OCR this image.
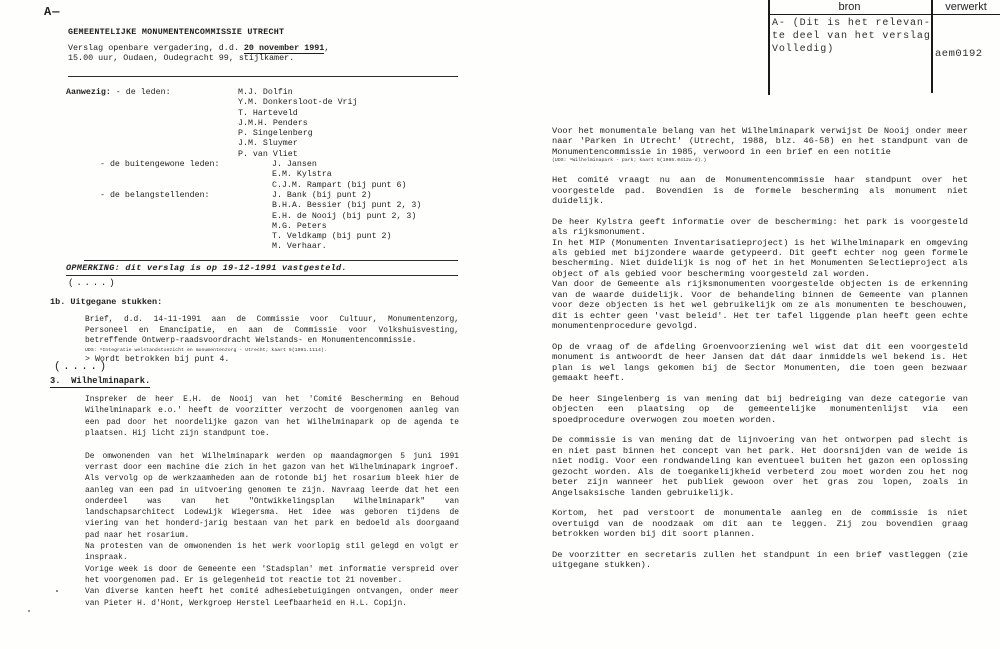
A—
GEMEENTELIJKE MONUMENTENCOMMISSIE UTRECHT
Verslag openbare vergadering, d.d. 20 november 1991,
15.00 uur, Oudaen, Oudegracht 99, stijlkamer.
Aanwezig: - de leden:	M.J. Dolfin
Y.M. Donkersloot-de Vrij
T. Harteveld
J.M.H. Penders
P. Singelenberg
J.M. Sluymer
P. van Vliet
- de buitengewone leden:	J. Jansen
E.M. Kylstra
C.J.M. Rampart (bij punt 6)
- de belangstellenden:	J. Bank (bij punt 2)
B.H.A. Bessier (bij punt 2, 3)
E.H. de Nooij (bij punt 2, 3)
M.G. Peters
T. Veldkamp (bij punt 2)
M. Verhaar.
OPMERKING: dit verslag is op 19-12-1991 vastgesteld.
(....)
1b. Uitgegane stukken:
Brief, d.d. 14-11-1991 aan de Commissie voor Cultuur, Monumentenzorg, Personeel en Emancipatie, en aan de Commissie voor Volkshuisvesting, betreffende Ontwerp-raadsvoordracht Welstands- en Monumentencommissie.
UDS: ^Integratie welstandstoezicht en monumentenzorg - Utrecht; kaart 5(1991.1114).
> Wordt betrokken bij punt 4.
(....)
3.  Wilhelminapark.
Inspreker de heer E.H. de Nooij van het 'Comité Bescherming en Behoud Wilhelminapark e.o.' heeft de voorzitter verzocht de voorgenomen aanleg van een pad door het noordelijke gazon van het Wilhelminapark op de agenda te plaatsen. Hij licht zijn standpunt toe.
De omwonenden van het Wilhelminapark werden op maandagmorgen 5 juni 1991 verrast door een machine die zich in het gazon van het Wilhelminapark ingroef. Als vervolg op de werkzaamheden aan de rotonde bij het rosarium bleek hier de aanleg van een pad in uitvoering genomen te zijn. Navraag leerde dat het een onderdeel was van het "Ontwikkelingsplan Wilhelminapark" van landschapsarchitect Lodewijk Wiegersma. Het idee was geboren tijdens de viering van het honderd-jarig bestaan van het park en bedoeld als doorgaand pad naar het rosarium.
Na protesten van de omwonenden is het werk voorlopig stil gelegd en volgt er inspraak.
Vorige week is door de Gemeente een 'Stadsplan' met informatie verspreid over het voorgenomen pad. Er is gelegenheid tot reactie tot 21 november.
Van diverse kanten heeft het comité adhesiebetuigingen ontvangen, onder meer van Pieter H. d'Hont, Werkgroep Herstel Leefbaarheid en H.L. Copijn.
Voor het monumentale belang van het Wilhelminapark verwijst De Nooij onder meer naar 'Parken in Utrecht' (Utrecht, 1988, blz. 46-58) en het standpunt van de Monumentencommissie in 1985, verwoord in een brief en een notitie
(UDS: ^Wilhelminapark - park; kaart 5(1985.0412a-d).)
Het comité vraagt nu aan de Monumentencommissie haar standpunt over het voorgestelde pad. Bovendien is de formele bescherming als monument niet duidelijk.
De heer Kylstra geeft informatie over de bescherming: het park is voorgesteld als rijksmonument.
In het MIP (Monumenten Inventarisatieproject) is het Wilhelminapark en omgeving als gebied met bijzondere waarde getypeerd. Dit geeft echter nog geen formele bescherming. Niet duidelijk is nog of het in het Monumenten Selectieproject als object of als gebied voor bescherming voorgesteld zal worden.
Van door de Gemeente als rijksmonumenten voorgestelde objecten is de erkenning van de waarde duidelijk. Voor de behandeling binnen de Gemeente van plannen voor deze objecten is het wel gebruikelijk om ze als monumenten te beschouwen, dit is echter geen 'vast beleid'. Het ter tafel liggende plan heeft geen echte monumentenprocedure gevolgd.
Op de vraag of de afdeling Groenvoorziening wel wist dat dit een voorgesteld monument is antwoordt de heer Jansen dat dát daar inmiddels wel bekend is. Het plan is wel langs gekomen bij de Sector Monumenten, die toen geen bezwaar gemaakt heeft.
De heer Singelenberg is van mening dat bij bedreiging van deze categorie van objecten een plaatsing op de gemeentelijke monumentenlijst via een spoedprocedure overwogen zou moeten worden.
De commissie is van mening dat de lijnvoering van het ontworpen pad slecht is en niet past binnen het concept van het park. Het doorsnijden van de weide is niet nodig. Voor een rondwandeling kan eventueel buiten het gazon een oplossing gezocht worden. Als de toegankelijkheid verbeterd zou moet worden zou het nog beter zijn wanneer het publiek gewoon over het gras zou lopen, zoals in Angelsaksische landen gebruikelijk.
Kortom, het pad verstoort de monumentale aanleg en de commissie is niet overtuigd van de noodzaak om dit aan te leggen. Zij zou bovendien graag betrokken worden bij dit soort plannen.
De voorzitter en secretaris zullen het standpunt in een brief vastleggen (zie uitgegane stukken).
bron	verwerkt
A- (Dit is het relevan-
te deel van het verslag
Volledig)	aem0192
